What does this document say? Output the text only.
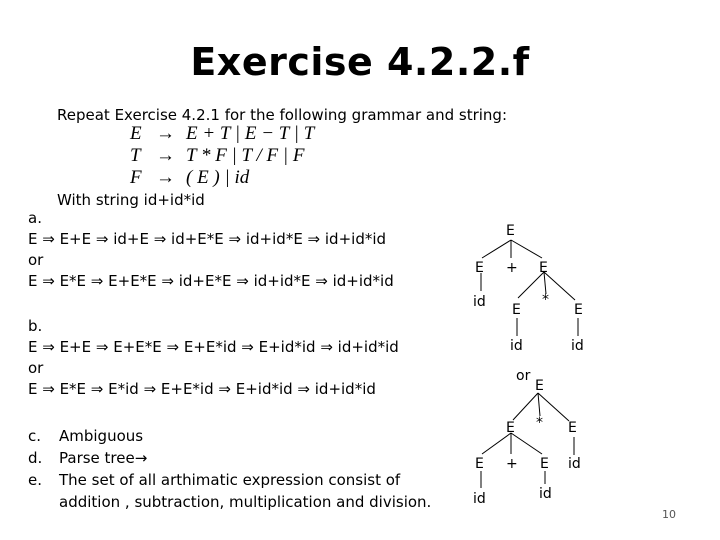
Exercise 4.2.2.f
Repeat Exercise 4.2.1 for the following grammar and string:
E → E + T | E − T | T
T → T * F | T / F | F
F → ( E ) | id
With string id+id*id
a.
E ⇒ E+E ⇒ id+E ⇒ id+E*E ⇒ id+id*E ⇒ id+id*id
or
E ⇒ E*E ⇒ E+E*E ⇒ id+E*E ⇒ id+id*E ⇒ id+id*id
b.
E ⇒ E+E ⇒ E+E*E ⇒ E+E*id ⇒ E+id*id ⇒ id+id*id
or
E ⇒ E*E ⇒ E*id ⇒ E+E*id ⇒ E+id*id ⇒ id+id*id
c. Ambiguous
d. Parse tree→
e. The set of all arthimatic expression consist of
addition , subtraction, multiplication and division.
E
E + E
id E
*
E
id	id
or
E
E * E
E + E id
id	id
10
